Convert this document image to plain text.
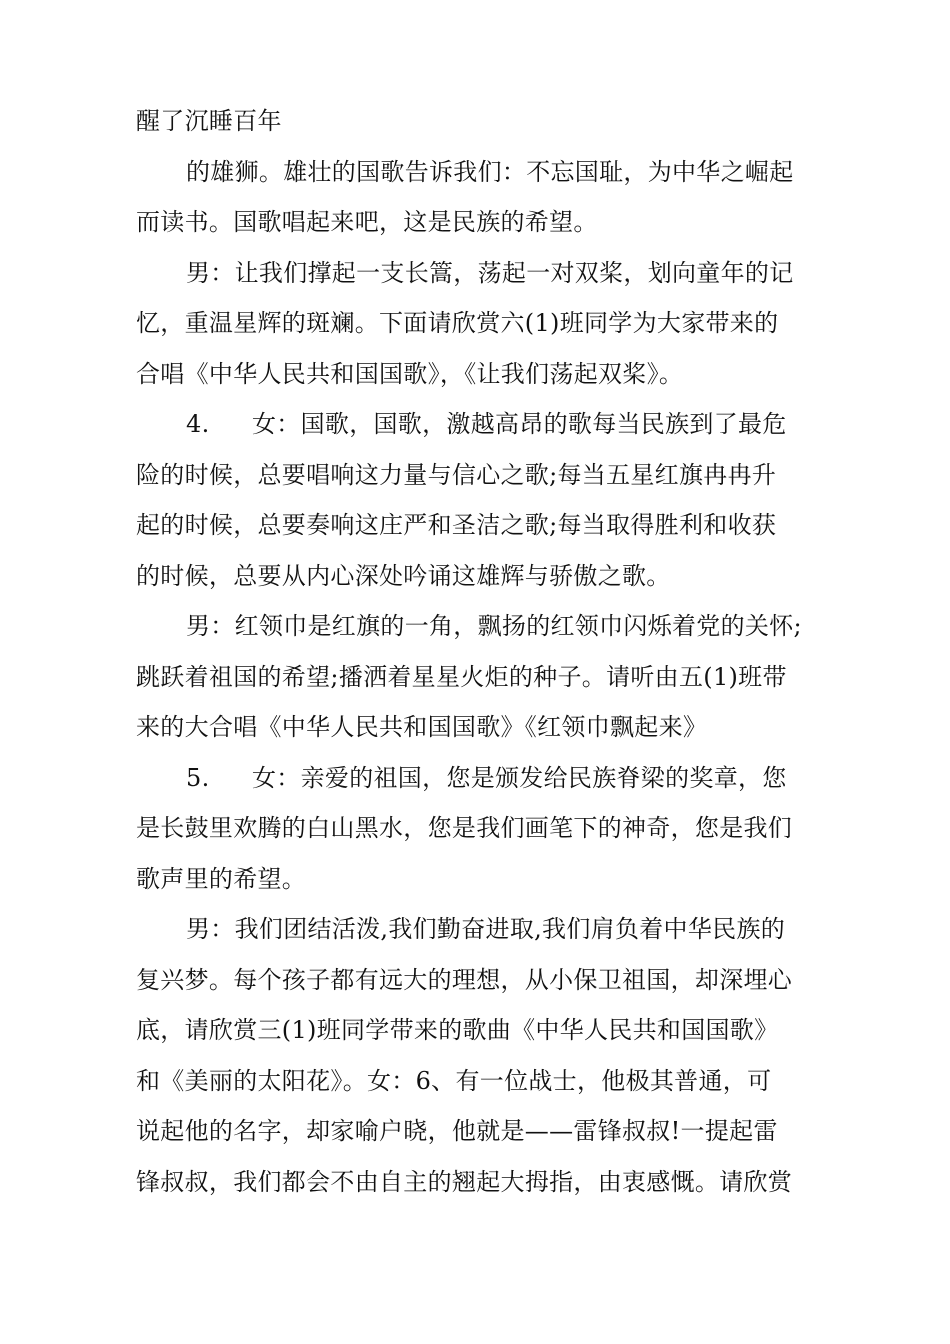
醒了沉睡百年
的雄狮。雄壮的国歌告诉我们：不忘国耻，为中华之崛起
而读书。国歌唱起来吧，这是民族的希望。
男：让我们撑起一支长篙，荡起一对双桨，划向童年的记
忆，重温星辉的斑斓。下面请欣赏六(1)班同学为大家带来的
合唱《中华人民共和国国歌》，《让我们荡起双桨》。
4. 女：国歌，国歌，激越高昂的歌每当民族到了最危
险的时候，总要唱响这力量与信心之歌;每当五星红旗冉冉升
起的时候，总要奏响这庄严和圣洁之歌;每当取得胜利和收获
的时候，总要从内心深处吟诵这雄辉与骄傲之歌。
男：红领巾是红旗的一角，飘扬的红领巾闪烁着党的关怀;
跳跃着祖国的希望;播洒着星星火炬的种子。请听由五(1)班带
来的大合唱《中华人民共和国国歌》《红领巾飘起来》
5. 女：亲爱的祖国，您是颁发给民族脊梁的奖章，您
是长鼓里欢腾的白山黑水，您是我们画笔下的神奇，您是我们
歌声里的希望。
男：我们团结活泼,我们勤奋进取,我们肩负着中华民族的
复兴梦。每个孩子都有远大的理想，从小保卫祖国，却深埋心
底，请欣赏三(1)班同学带来的歌曲《中华人民共和国国歌》
和《美丽的太阳花》。女：6、有一位战士，他极其普通，可
说起他的名字，却家喻户晓，他就是——雷锋叔叔!一提起雷
锋叔叔，我们都会不由自主的翘起大拇指，由衷感慨。请欣赏
